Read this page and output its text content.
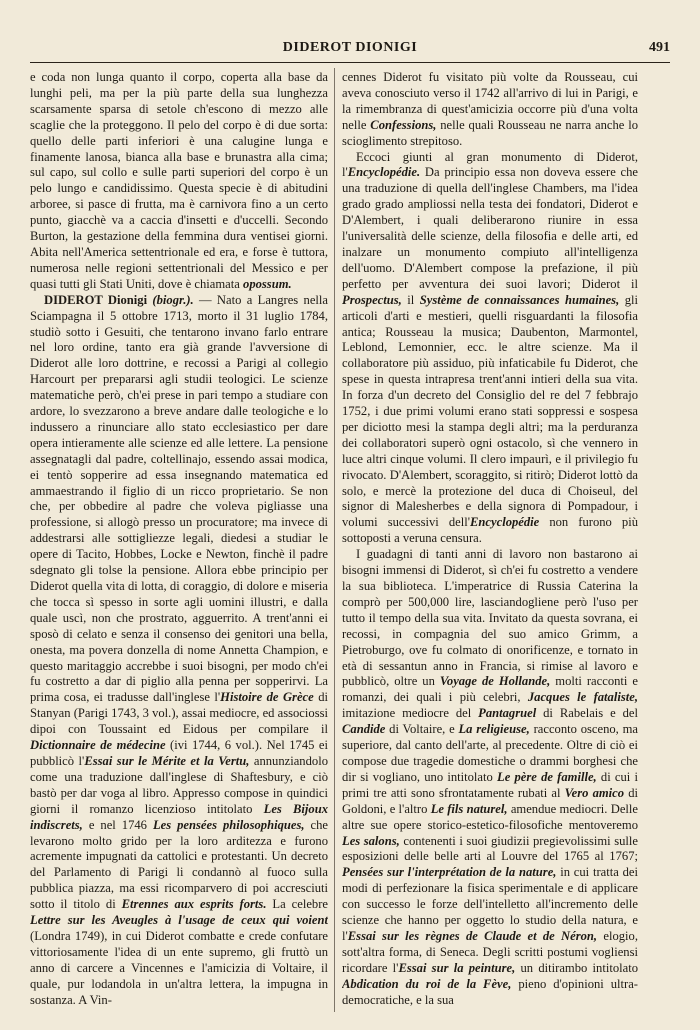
DIDEROT DIONIGI	491

e coda non lunga quanto il corpo, coperta alla base da lunghi peli, ma per la più parte della sua lunghezza scarsamente sparsa di setole ch'escono di mezzo alle scaglie che la proteggono. Il pelo del corpo è di due sorta: quello delle parti inferiori è una calugine lunga e finamente lanosa, bianca alla base e brunastra alla cima; sul capo, sul collo e sulle parti superiori del corpo è un pelo lungo e candidissimo. Questa specie è di abitudini arboree, si pasce di frutta, ma è carnivora fino a un certo punto, giacchè va a caccia d'insetti e d'uccelli. Secondo Burton, la gestazione della femmina dura ventisei giorni. Abita nell'America settentrionale ed era, e forse è tuttora, numerosa nelle regioni settentrionali del Messico e per quasi tutti gli Stati Uniti, dove è chiamata opossum.

DIDEROT Dionigi (biogr.). — Nato a Langres nella Sciampagna il 5 ottobre 1713, morto il 31 luglio 1784, studiò sotto i Gesuiti, che tentarono invano farlo entrare nel loro ordine, tanto era già grande l'avversione di Diderot alle loro dottrine, e recossi a Parigi al collegio Harcourt per prepararsi agli studii teologici. Le scienze matematiche però, ch'ei prese in pari tempo a studiare con ardore, lo svezzarono a breve andare dalle teologiche e lo indussero a rinunciare allo stato ecclesiastico per dare opera intieramente alle scienze ed alle lettere. La pensione assegnatagli dal padre, coltellinajo, essendo assai modica, ei tentò sopperire ad essa insegnando matematica ed ammaestrando il figlio di un ricco proprietario. Se non che, per obbedire al padre che voleva pigliasse una professione, si allogò presso un procuratore; ma invece di addestrarsi alle sottigliezze legali, diedesi a studiar le opere di Tacito, Hobbes, Locke e Newton, finchè il padre sdegnato gli tolse la pensione. Allora ebbe principio per Diderot quella vita di lotta, di coraggio, di dolore e miseria che tocca sì spesso in sorte agli uomini illustri, e dalla quale uscì, non che prostrato, agguerrito. A trent'anni ei sposò di celato e senza il consenso dei genitori una bella, onesta, ma povera donzella di nome Annetta Champion, e questo maritaggio accrebbe i suoi bisogni, per modo ch'ei fu costretto a dar di piglio alla penna per sopperirvi. La prima cosa, ei tradusse dall'inglese l'Histoire de Grèce di Stanyan (Parigi 1743, 3 vol.), assai mediocre, ed associossi dipoi con Toussaint ed Eidous per compilare il Dictionnaire de médecine (ivi 1744, 6 vol.). Nel 1745 ei pubblicò l'Essai sur le Mérite et la Vertu, annunziandolo come una traduzione dall'inglese di Shaftesbury, e ciò bastò per dar voga al libro. Appresso compose in quindici giorni il romanzo licenzioso intitolato Les Bijoux indiscrets, e nel 1746 Les pensées philosophiques, che levarono molto grido per la loro arditezza e furono acremente impugnati da cattolici e protestanti. Un decreto del Parlamento di Parigi li condannò al fuoco sulla pubblica piazza, ma essi ricomparvero di poi accresciuti sotto il titolo di Etrennes aux esprits forts. La celebre Lettre sur les Aveugles à l'usage de ceux qui voient (Londra 1749), in cui Diderot combatte e crede confutare vittoriosamente l'idea di un ente supremo, gli fruttò un anno di carcere a Vincennes e l'amicizia di Voltaire, il quale, pur lodandola in un'altra lettera, la impugna in sostanza. A Vin-

cennes Diderot fu visitato più volte da Rousseau, cui aveva conosciuto verso il 1742 all'arrivo di lui in Parigi, e la rimembranza di quest'amicizia occorre più d'una volta nelle Confessions, nelle quali Rousseau ne narra anche lo scioglimento strepitoso.

Eccoci giunti al gran monumento di Diderot, l'Encyclopédie. Da principio essa non doveva essere che una traduzione di quella dell'inglese Chambers, ma l'idea grado grado ampliossi nella testa dei fondatori, Diderot e D'Alembert, i quali deliberarono riunire in essa l'universalità delle scienze, della filosofia e delle arti, ed inalzare un monumento compiuto all'intelligenza dell'uomo. D'Alembert compose la prefazione, il più perfetto per avventura dei suoi lavori; Diderot il Prospectus, il Système de connaissances humaines, gli articoli d'arti e mestieri, quelli risguardanti la filosofia antica; Rousseau la musica; Daubenton, Marmontel, Leblond, Lemonnier, ecc. le altre scienze. Ma il collaboratore più assiduo, più infaticabile fu Diderot, che spese in questa intrapresa trent'anni intieri della sua vita. In forza d'un decreto del Consiglio del re del 7 febbrajo 1752, i due primi volumi erano stati soppressi e sospesa per diciotto mesi la stampa degli altri; ma la perduranza dei collaboratori superò ogni ostacolo, sì che vennero in luce altri cinque volumi. Il clero impaurì, e il privilegio fu rivocato. D'Alembert, scoraggito, si ritirò; Diderot lottò da solo, e mercè la protezione del duca di Choiseul, del signor di Malesherbes e della signora di Pompadour, i volumi successivi dell'Encyclopédie non furono più sottoposti a veruna censura.

I guadagni di tanti anni di lavoro non bastarono ai bisogni immensi di Diderot, sì ch'ei fu costretto a vendere la sua biblioteca. L'imperatrice di Russia Caterina la comprò per 500,000 lire, lasciandogliene però l'uso per tutto il tempo della sua vita. Invitato da questa sovrana, ei recossi, in compagnia del suo amico Grimm, a Pietroburgo, ove fu colmato di onorificenze, e tornato in età di sessantun anno in Francia, si rimise al lavoro e pubblicò, oltre un Voyage de Hollande, molti racconti e romanzi, dei quali i più celebri, Jacques le fataliste, imitazione mediocre del Pantagruel di Rabelais e del Candide di Voltaire, e La religieuse, racconto osceno, ma superiore, dal canto dell'arte, al precedente. Oltre di ciò ei compose due tragedie domestiche o drammi borghesi che dir si vogliano, uno intitolato Le père de famille, di cui i primi tre atti sono sfrontatamente rubati al Vero amico di Goldoni, e l'altro Le fils naturel, amendue mediocri. Delle altre sue opere storico-estetico-filosofiche mentoveremo Les salons, contenenti i suoi giudizii pregievolissimi sulle esposizioni delle belle arti al Louvre del 1765 al 1767; Pensées sur l'interprétation de la nature, in cui tratta dei modi di perfezionare la fisica sperimentale e di applicare con successo le forze dell'intelletto all'incremento delle scienze che hanno per oggetto lo studio della natura, e l'Essai sur les règnes de Claude et de Néron, elogio, sott'altra forma, di Seneca. Degli scritti postumi vogliensi ricordare l'Essai sur la peinture, un ditirambo intitolato Abdication du roi de la Fève, pieno d'opinioni ultra-democratiche, e la sua
